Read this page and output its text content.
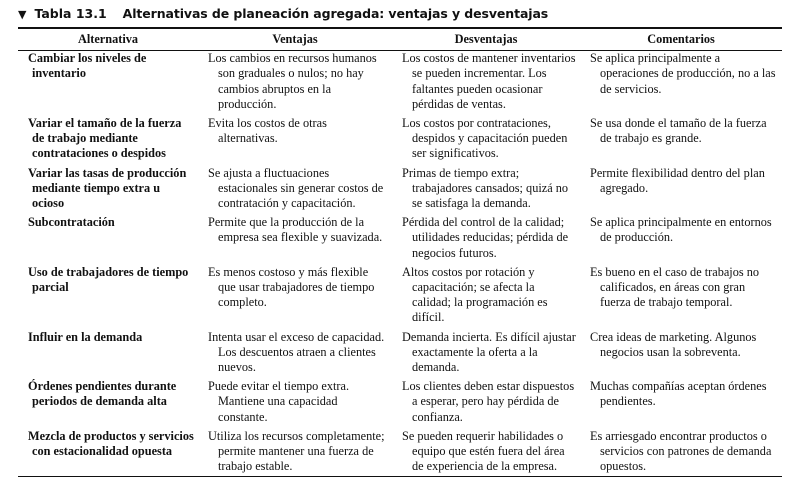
▼ Tabla 13.1 Alternativas de planeación agregada: ventajas y desventajas
Alternativa	Ventajas	Desventajas	Comentarios
Cambiar los niveles de inventario	Los cambios en recursos humanos son graduales o nulos; no hay cambios abruptos en la producción.	Los costos de mantener inventarios se pueden incrementar. Los faltantes pueden ocasionar pérdidas de ventas.	Se aplica principalmente a operaciones de producción, no a las de servicios.
Variar el tamaño de la fuerza de trabajo mediante contrataciones o despidos	Evita los costos de otras alternativas.	Los costos por contrataciones, despidos y capacitación pueden ser significativos.	Se usa donde el tamaño de la fuerza de trabajo es grande.
Variar las tasas de producción mediante tiempo extra u ocioso	Se ajusta a fluctuaciones estacionales sin generar costos de contratación y capacitación.	Primas de tiempo extra; trabajadores cansados; quizá no se satisfaga la demanda.	Permite flexibilidad dentro del plan agregado.
Subcontratación	Permite que la producción de la empresa sea flexible y suavizada.	Pérdida del control de la calidad; utilidades reducidas; pérdida de negocios futuros.	Se aplica principalmente en entornos de producción.
Uso de trabajadores de tiempo parcial	Es menos costoso y más flexible que usar trabajadores de tiempo completo.	Altos costos por rotación y capacitación; se afecta la calidad; la programación es difícil.	Es bueno en el caso de trabajos no calificados, en áreas con gran fuerza de trabajo temporal.
Influir en la demanda	Intenta usar el exceso de capacidad. Los descuentos atraen a clientes nuevos.	Demanda incierta. Es difícil ajustar exactamente la oferta a la demanda.	Crea ideas de marketing. Algunos negocios usan la sobreventa.
Órdenes pendientes durante periodos de demanda alta	Puede evitar el tiempo extra. Mantiene una capacidad constante.	Los clientes deben estar dispuestos a esperar, pero hay pérdida de confianza.	Muchas compañías aceptan órdenes pendientes.
Mezcla de productos y servicios con estacionalidad opuesta	Utiliza los recursos completamente; permite mantener una fuerza de trabajo estable.	Se pueden requerir habilidades o equipo que estén fuera del área de experiencia de la empresa.	Es arriesgado encontrar productos o servicios con patrones de demanda opuestos.
